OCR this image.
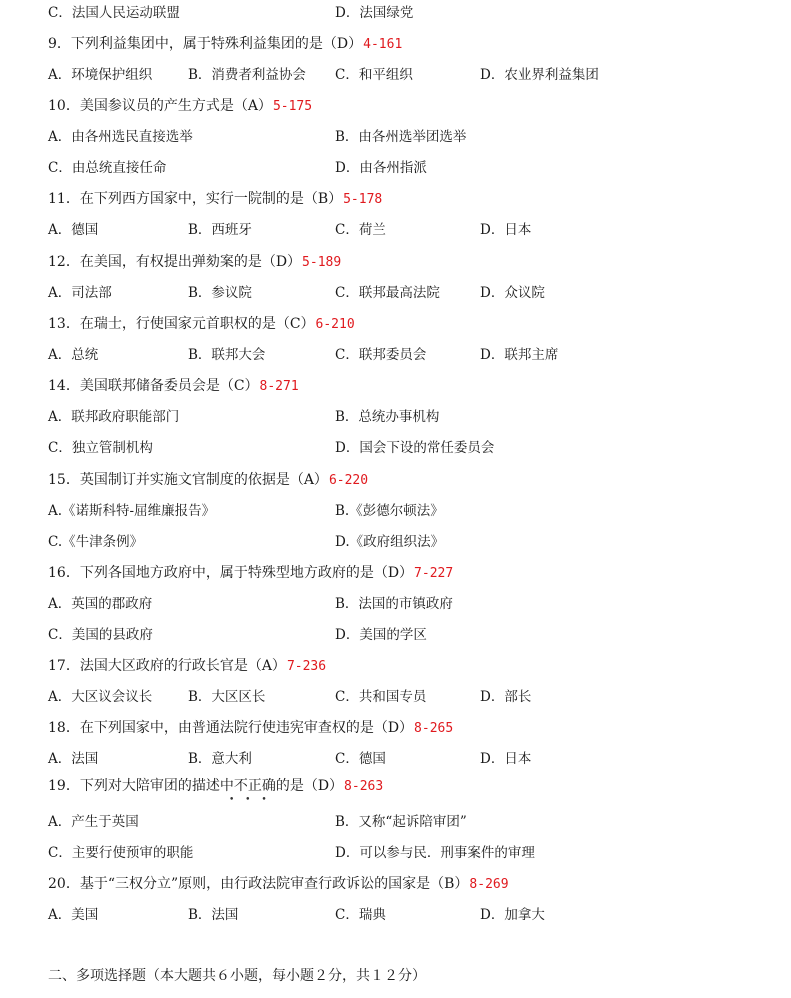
C．法国人民运动联盟	D．法国绿党
9．下列利益集团中，属于特殊利益集团的是（D）4-161
A．环境保护组织	B．消费者利益协会 C．和平组织	D．农业界利益集团
10．美国参议员的产生方式是（A）5-175
A．由各州选民直接选举	B．由各州选举团选举
C．由总统直接任命	D．由各州指派
11．在下列西方国家中，实行一院制的是（B）5-178
A．德国	B．西班牙	C．荷兰	D．日本
12．在美国，有权提出弹劾案的是（D）5-189
A．司法部	B．参议院	C．联邦最高法院	D．众议院
13．在瑞士，行使国家元首职权的是（C）6-210
A．总统	B．联邦大会	C．联邦委员会	D．联邦主席
14．美国联邦储备委员会是（C）8-271
A．联邦政府职能部门	B．总统办事机构
C．独立管制机构	D．国会下设的常任委员会
15．英国制订并实施文官制度的依据是（A）6-220
A.《诺斯科特-屈维廉报告》	B.《彭德尔顿法》
C.《牛津条例》	D.《政府组织法》
16．下列各国地方政府中，属于特殊型地方政府的是（D）7-227
A．英国的郡政府	B．法国的市镇政府
C．美国的县政府	D．美国的学区
17．法国大区政府的行政长官是（A）7-236
A．大区议会议长	B．大区区长	C．共和国专员	D．部长
18．在下列国家中，由普通法院行使违宪审查权的是（D）8-265
A．法国	B．意大利	C．德国	D．日本
19．下列对大陪审团的描述中不正确的是（D）8-263
• • •
A．产生于英国	B．又称“起诉陪审团”
C．主要行使预审的职能	D．可以参与民．刑事案件的审理
20．基于“三权分立”原则，由行政法院审查行政诉讼的国家是（B）8-269
A．美国	B．法国	C．瑞典	D．加拿大
二、多项选择题（本大题共６小题，每小题２分，共１２分）
